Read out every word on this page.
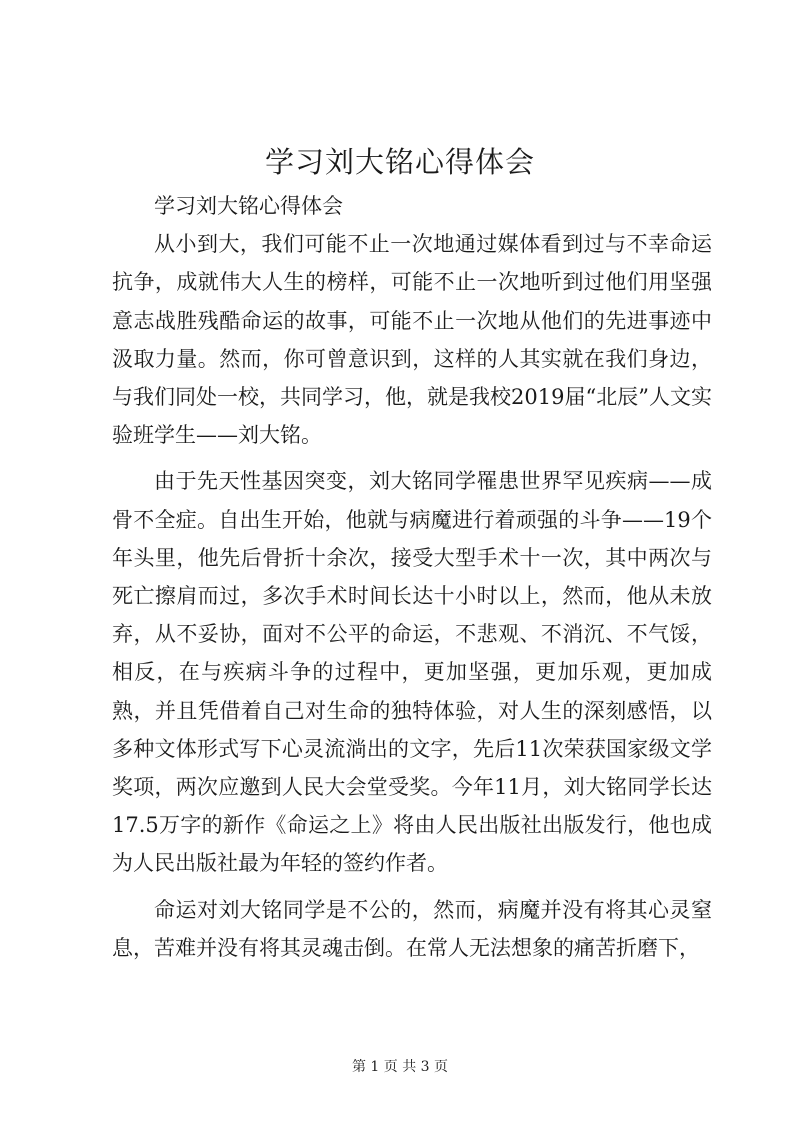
学习刘大铭心得体会

学习刘大铭心得体会

从小到大，我们可能不止一次地通过媒体看到过与不幸命运抗争，成就伟大人生的榜样，可能不止一次地听到过他们用坚强意志战胜残酷命运的故事，可能不止一次地从他们的先进事迹中汲取力量。然而，你可曾意识到，这样的人其实就在我们身边，与我们同处一校，共同学习，他，就是我校2019届“北辰”人文实验班学生——刘大铭。

由于先天性基因突变，刘大铭同学罹患世界罕见疾病——成骨不全症。自出生开始，他就与病魔进行着顽强的斗争——19个年头里，他先后骨折十余次，接受大型手术十一次，其中两次与死亡擦肩而过，多次手术时间长达十小时以上，然而，他从未放弃，从不妥协，面对不公平的命运，不悲观、不消沉、不气馁，相反，在与疾病斗争的过程中，更加坚强，更加乐观，更加成熟，并且凭借着自己对生命的独特体验，对人生的深刻感悟，以多种文体形式写下心灵流淌出的文字，先后11次荣获国家级文学奖项，两次应邀到人民大会堂受奖。今年11月，刘大铭同学长达17.5万字的新作《命运之上》将由人民出版社出版发行，他也成为人民出版社最为年轻的签约作者。

命运对刘大铭同学是不公的，然而，病魔并没有将其心灵窒息，苦难并没有将其灵魂击倒。在常人无法想象的痛苦折磨下，

第 1 页 共 3 页
